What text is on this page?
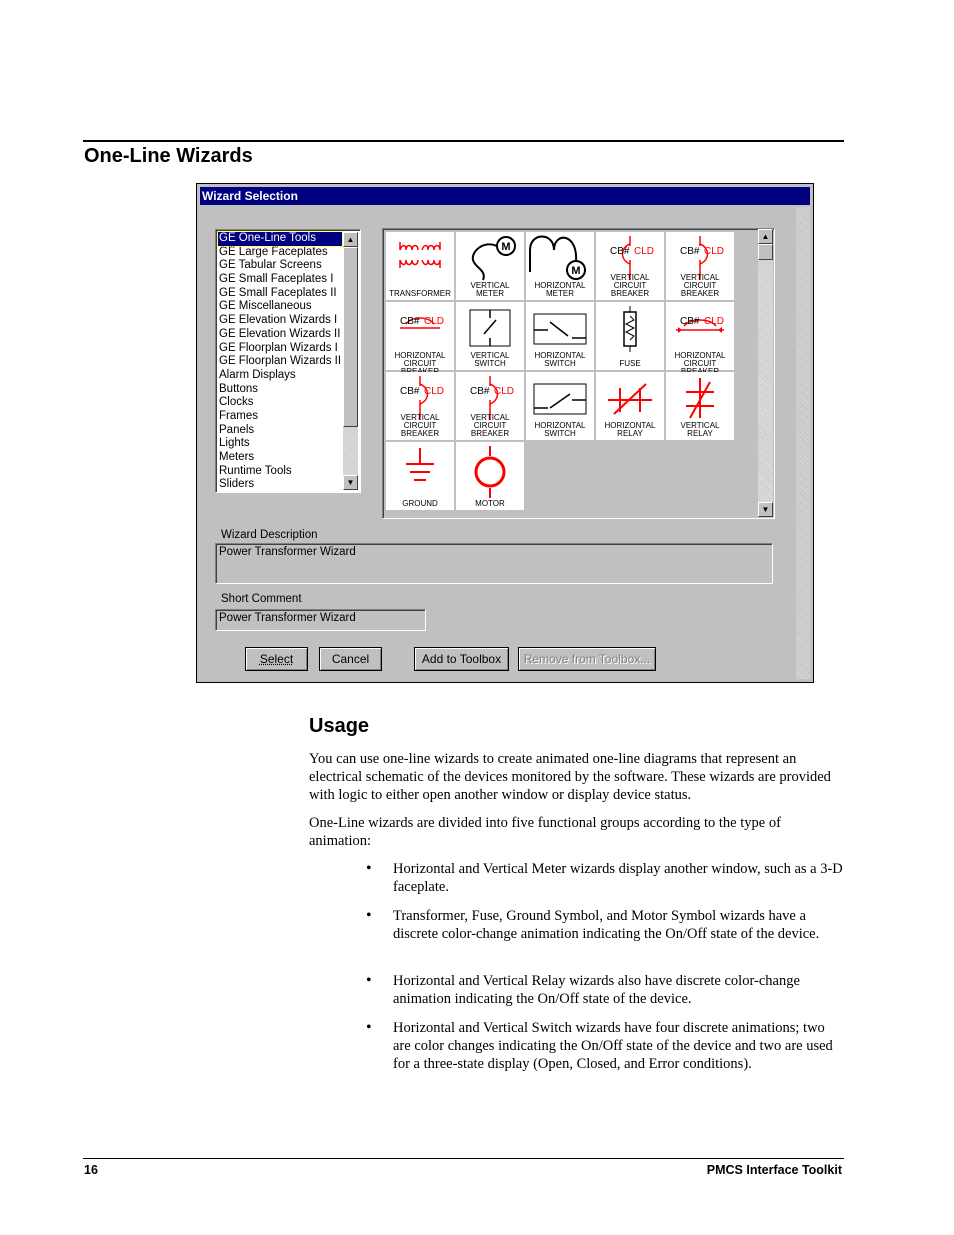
One-Line Wizards
Wizard Selection
GE One-Line Tools
GE Large Faceplates
GE Tabular Screens
GE Small Faceplates I
GE Small Faceplates II
GE Miscellaneous
GE Elevation Wizards I
GE Elevation Wizards II
GE Floorplan Wizards I
GE Floorplan Wizards II
Alarm Displays
Buttons
Clocks
Frames
Panels
Lights
Meters
Runtime Tools
Sliders
▲
▼
TRANSFORMER
M
VERTICAL
METER
M
HORIZONTAL
METER
CB# CLD
VERTICAL
CIRCUIT
BREAKER
CB# CLD
VERTICAL
CIRCUIT
BREAKER
CB# CLD
HORIZONTAL
CIRCUIT
VERTICAL
SWITCH
HORIZONTAL
SWITCH	FUSE
CB# CLD
HORIZONTAL
CIRCUIT
CB# CLD
VERTICAL
CIRCUIT
BREAKER
CB# CLD
VERTICAL
CIRCUIT
BREAKER
HORIZONTAL
SWITCH
HORIZONTAL
RELAY
VERTICAL
RELAY
GROUND	MOTOR
▲
▼
Wizard Description
Power Transformer Wizard
Short Comment
Power Transformer Wizard
Select	Cancel	Add to Toolbox	Remove from Toolbox...
Usage
You can use one-line wizards to create animated one-line diagrams that represent an electrical schematic of the devices monitored by the software. These wizards are provided with logic to either open another window or display device status.
One-Line wizards are divided into five functional groups according to the type of animation:
• Horizontal and Vertical Meter wizards display another window, such as a 3-D faceplate.
• Transformer, Fuse, Ground Symbol, and Motor Symbol wizards have a discrete color-change animation indicating the On/Off state of the device.
• Horizontal and Vertical Relay wizards also have discrete color-change animation indicating the On/Off state of the device.
• Horizontal and Vertical Switch wizards have four discrete animations; two are color changes indicating the On/Off state of the device and two are used for a three-state display (Open, Closed, and Error conditions).
16	PMCS Interface Toolkit
